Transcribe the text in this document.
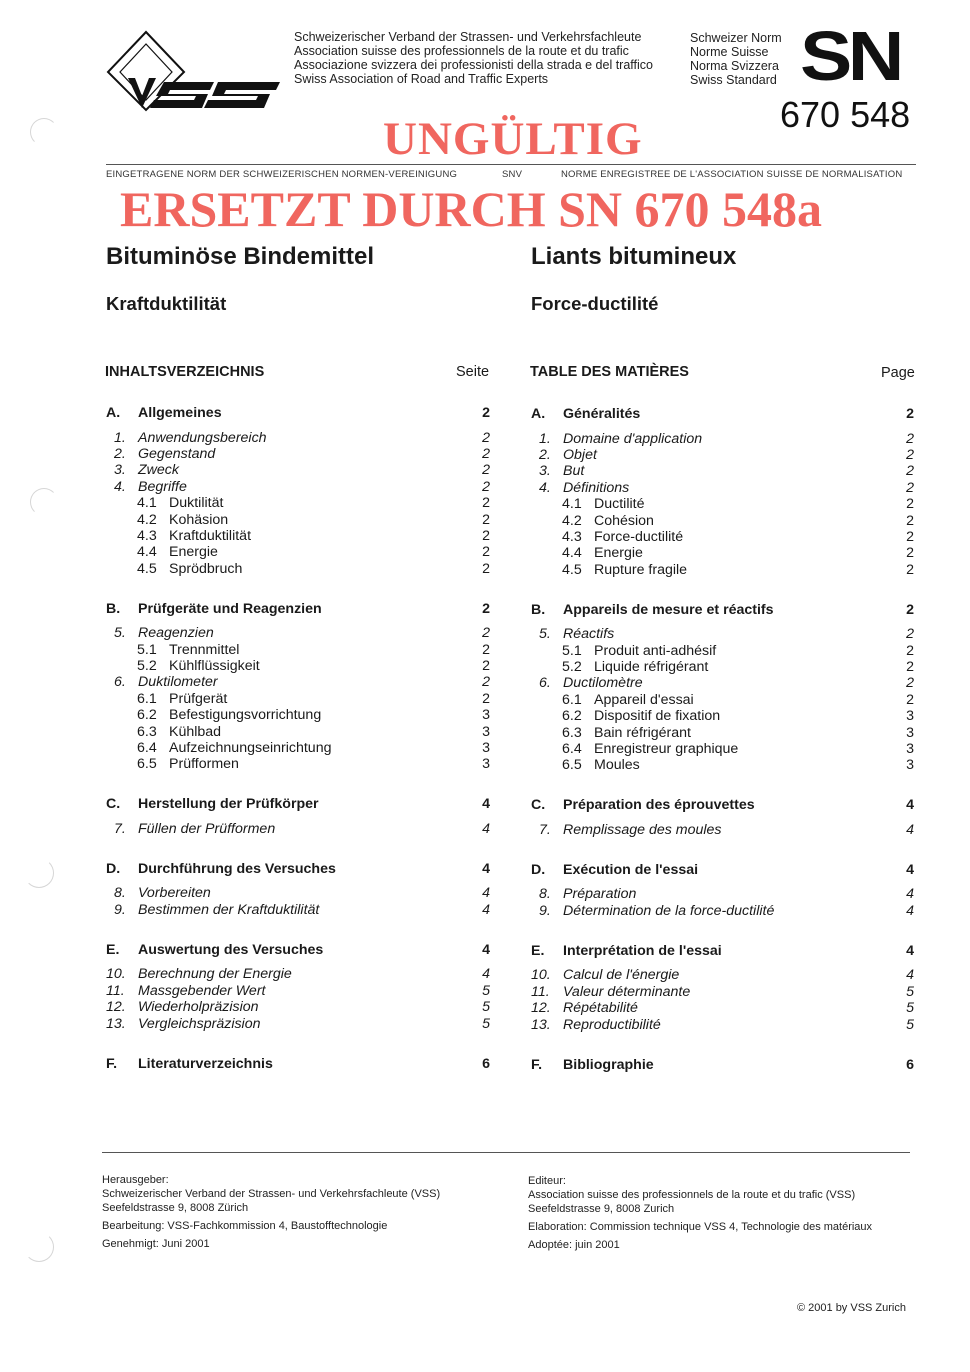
Schweizerischer Verband der Strassen- und Verkehrsfachleute
Association suisse des professionnels de la route et du trafic
Associazione svizzera dei professionisti della strada e del traffico
Swiss Association of Road and Traffic Experts
Schweizer Norm
Norme Suisse
Norma Svizzera
Swiss Standard SN
670 548
UNGÜLTIG
EINGETRAGENE NORM DER SCHWEIZERISCHEN NORMEN-VEREINIGUNG	SNV	NORME ENREGISTREE DE L'ASSOCIATION SUISSE DE NORMALISATION
ERSETZT DURCH SN 670 548a
Bituminöse Bindemittel	Liants bitumineux
Kraftduktilität	Force-ductilité
INHALTSVERZEICHNIS	Seite	TABLE DES MATIÈRES	Page
A. Allgemeines	2
1. Anwendungsbereich	2
2. Gegenstand	2
3. Zweck	2
4. Begriffe	2
4.1 Duktilität	2
4.2 Kohäsion	2
4.3 Kraftduktilität	2
4.4 Energie	2
4.5 Sprödbruch	2
B. Prüfgeräte und Reagenzien	2
5. Reagenzien	2
5.1 Trennmittel	2
5.2 Kühlflüssigkeit	2
6. Duktilometer	2
6.1 Prüfgerät	2
6.2 Befestigungsvorrichtung	3
6.3 Kühlbad	3
6.4 Aufzeichnungseinrichtung	3
6.5 Prüfformen	3
C. Herstellung der Prüfkörper	4
7. Füllen der Prüfformen	4
D. Durchführung des Versuches	4
8. Vorbereiten	4
9. Bestimmen der Kraftduktilität	4
E. Auswertung des Versuches	4
10. Berechnung der Energie	4
11. Massgebender Wert	5
12. Wiederholpräzision	5
13. Vergleichspräzision	5
F. Literaturverzeichnis	6
A. Généralités	2
1. Domaine d'application	2
2. Objet	2
3. But	2
4. Définitions	2
4.1 Ductilité	2
4.2 Cohésion	2
4.3 Force-ductilité	2
4.4 Energie	2
4.5 Rupture fragile	2
B. Appareils de mesure et réactifs	2
5. Réactifs	2
5.1 Produit anti-adhésif	2
5.2 Liquide réfrigérant	2
6. Ductilomètre	2
6.1 Appareil d'essai	2
6.2 Dispositif de fixation	3
6.3 Bain réfrigérant	3
6.4 Enregistreur graphique	3
6.5 Moules	3
C. Préparation des éprouvettes	4
7. Remplissage des moules	4
D. Exécution de l'essai	4
8. Préparation	4
9. Détermination de la force-ductilité	4
E. Interprétation de l'essai	4
10. Calcul de l'énergie	4
11. Valeur déterminante	5
12. Répétabilité	5
13. Reproductibilité	5
F. Bibliographie	6
Herausgeber:
Schweizerischer Verband der Strassen- und Verkehrsfachleute (VSS)
Seefeldstrasse 9, 8008 Zürich
Bearbeitung: VSS-Fachkommission 4, Baustofftechnologie
Genehmigt: Juni 2001
Editeur:
Association suisse des professionnels de la route et du trafic (VSS)
Seefeldstrasse 9, 8008 Zurich
Elaboration: Commission technique VSS 4, Technologie des matériaux
Adoptée: juin 2001
© 2001 by VSS Zurich
